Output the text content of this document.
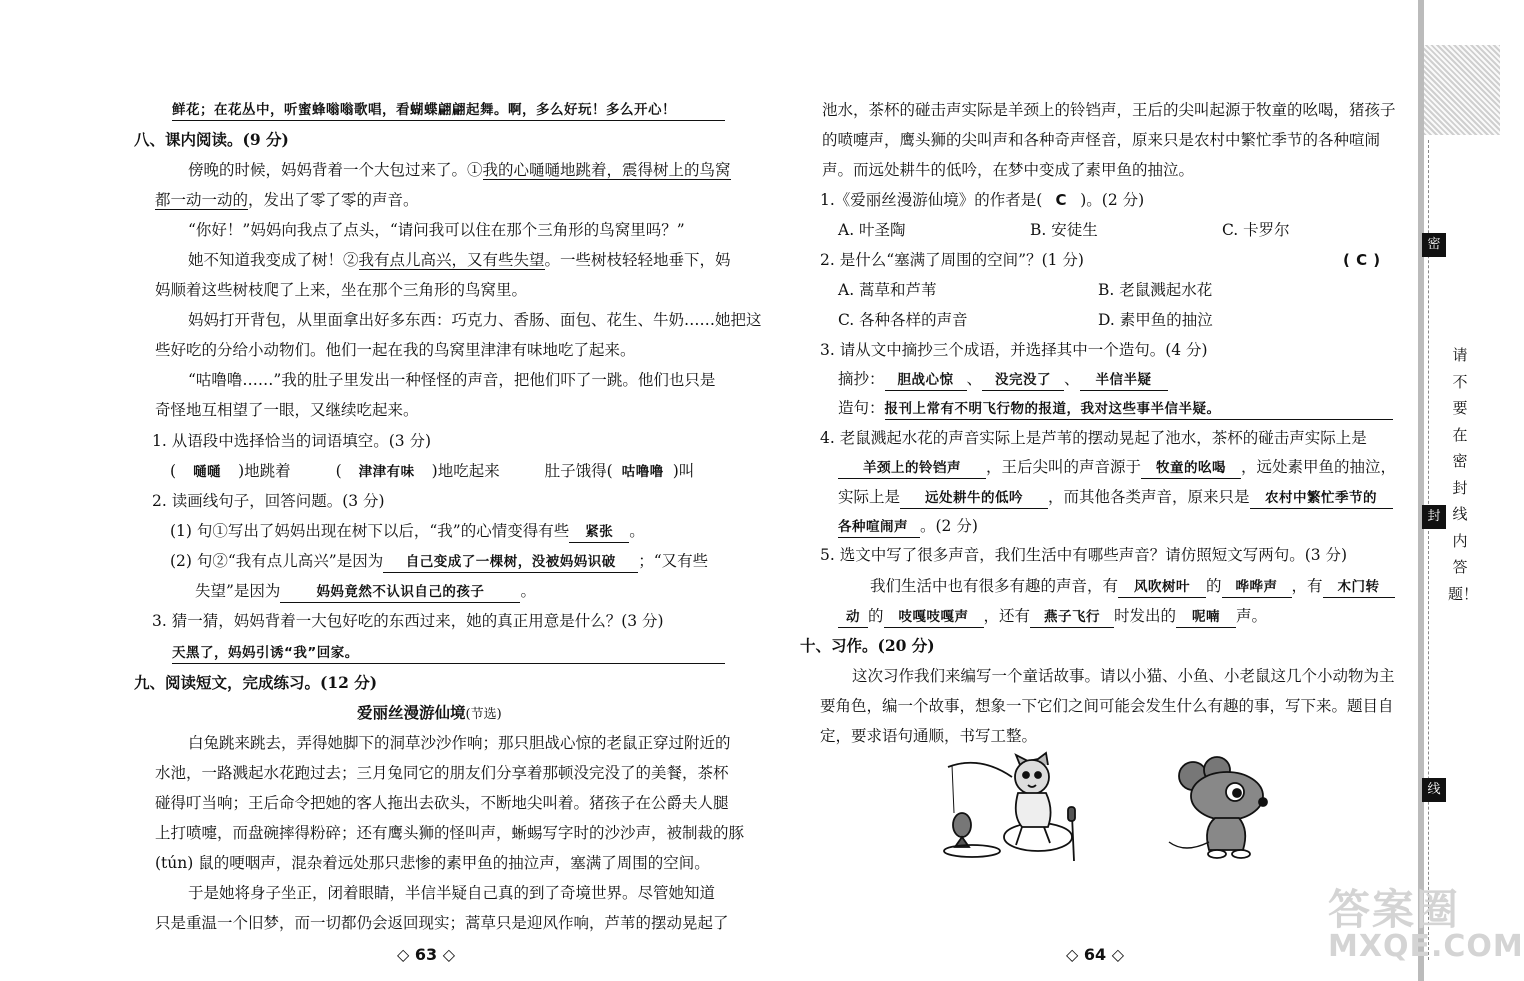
鲜花；在花丛中，听蜜蜂嗡嗡歌唱，看蝴蝶翩翩起舞。啊，多么好玩！多么开心！
八、课内阅读。(9 分)
傍晚的时候，妈妈背着一个大包过来了。①我的心嗵嗵地跳着，震得树上的鸟窝
都一动一动的，发出了零了零的声音。
“你好！”妈妈向我点了点头，“请问我可以住在那个三角形的鸟窝里吗？”
她不知道我变成了树！②我有点儿高兴，又有些失望。一些树枝轻轻地垂下，妈
妈顺着这些树枝爬了上来，坐在那个三角形的鸟窝里。
妈妈打开背包，从里面拿出好多东西：巧克力、香肠、面包、花生、牛奶……她把这
些好吃的分给小动物们。他们一起在我的鸟窝里津津有味地吃了起来。
“咕噜噜……”我的肚子里发出一种怪怪的声音，把他们吓了一跳。他们也只是
奇怪地互相望了一眼，又继续吃起来。
1. 从语段中选择恰当的词语填空。(3 分)
( 嗵嗵 )地跳着	( 津津有味 )地吃起来	肚子饿得( 咕噜噜 )叫
2. 读画线句子，回答问题。(3 分)
(1) 句①写出了妈妈出现在树下以后，“我”的心情变得有些 紧张 。
(2) 句②“我有点儿高兴”是因为 自己变成了一棵树，没被妈妈识破 ；“又有些
失望”是因为	妈妈竟然不认识自己的孩子 。
3. 猜一猜，妈妈背着一大包好吃的东西过来，她的真正用意是什么？(3 分)
天黑了，妈妈引诱“我”回家。
九、阅读短文，完成练习。(12 分)
爱丽丝漫游仙境(节选)
白兔跳来跳去，弄得她脚下的洞草沙沙作响；那只胆战心惊的老鼠正穿过附近的
水池，一路溅起水花跑过去；三月兔同它的朋友们分享着那顿没完没了的美餐，茶杯
碰得叮当响；王后命令把她的客人拖出去砍头，不断地尖叫着。猪孩子在公爵夫人腿
上打喷嚏，而盘碗摔得粉碎；还有鹰头狮的怪叫声，蜥蜴写字时的沙沙声，被制裁的豚
(tún) 鼠的哽咽声，混杂着远处那只悲惨的素甲鱼的抽泣声，塞满了周围的空间。
于是她将身子坐正，闭着眼睛，半信半疑自己真的到了奇境世界。尽管她知道
只是重温一个旧梦，而一切都仍会返回现实；蒿草只是迎风作响，芦苇的摆动晃起了
◇ 63 ◇
池水，茶杯的碰击声实际是羊颈上的铃铛声，王后的尖叫起源于牧童的吆喝，猪孩子
的喷嚏声，鹰头狮的尖叫声和各种奇声怪音，原来只是农村中繁忙季节的各种喧闹
声。而远处耕牛的低吟，在梦中变成了素甲鱼的抽泣。
1.《爱丽丝漫游仙境》的作者是( C )。(2 分)
A. 叶圣陶	B. 安徒生	C. 卡罗尔
2. 是什么“塞满了周围的空间”？(1 分)	( C )
A. 蒿草和芦苇	B. 老鼠溅起水花
C. 各种各样的声音	D. 素甲鱼的抽泣
3. 请从文中摘抄三个成语，并选择其中一个造句。(4 分)
摘抄： 胆战心惊 、 没完没了 、 半信半疑
造句：报刊上常有不明飞行物的报道，我对这些事半信半疑。
4. 老鼠溅起水花的声音实际上是芦苇的摆动晃起了池水，茶杯的碰击声实际上是
羊颈上的铃铛声 ，王后尖叫的声音源于 牧童的吆喝 ，远处素甲鱼的抽泣，
实际上是 远处耕牛的低吟 ，而其他各类声音，原来只是 农村中繁忙季节的
各种喧闹声 。(2 分)
5. 选文中写了很多声音，我们生活中有哪些声音？请仿照短文写两句。(3 分)
我们生活中也有很多有趣的声音，有 风吹树叶 的 哗哗声 ，有 木门转
动 的 吱嘎吱嘎声 ，还有 燕子飞行 时发出的 呢喃 声。
十、习作。(20 分)
这次习作我们来编写一个童话故事。请以小猫、小鱼、小老鼠这几个小动物为主
要角色，编一个故事，想象一下它们之间可能会发生什么有趣的事，写下来。题目自
定，要求语句通顺，书写工整。
◇ 64 ◇
密
封
线
请不要在密封线内答题！
答案圈
MXQE.COM
